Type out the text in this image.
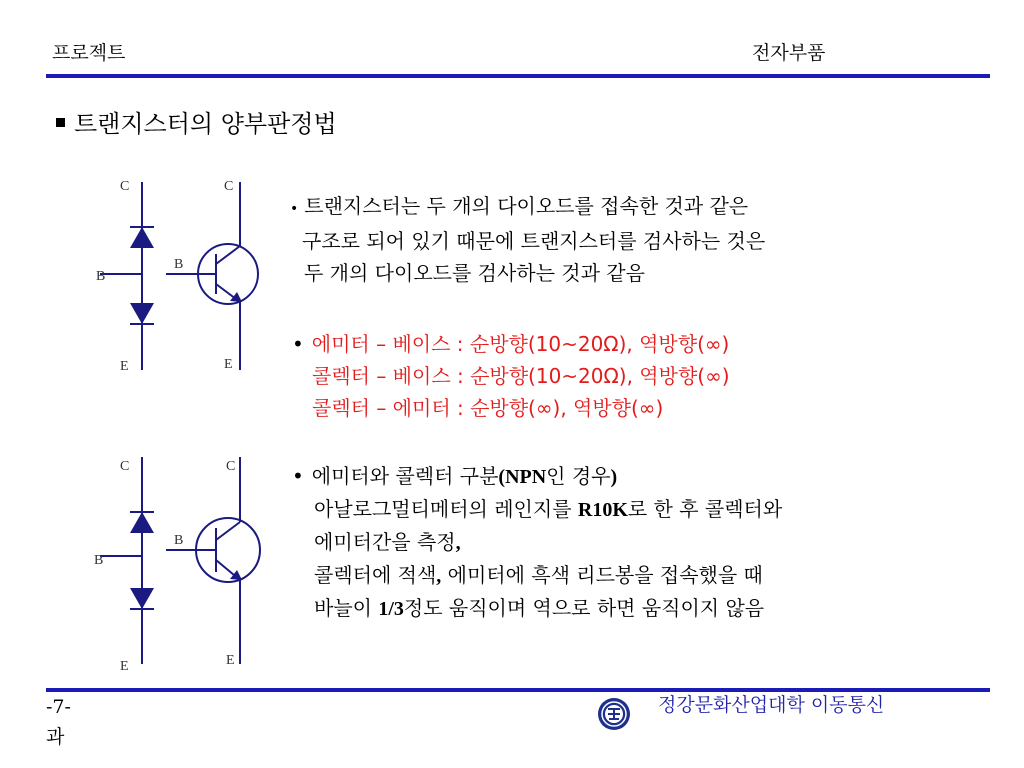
프로젝트	전자부품
트랜지스터의 양부판정법
C
B
E
C
B
E
C
B
E
C
B
E
• 트랜지스터는 두 개의 다이오드를 접속한 것과 같은
구조로 되어 있기 때문에 트랜지스터를 검사하는 것은
두 개의 다이오드를 검사하는 것과 같음
• 에미터 – 베이스 : 순방향(10~20Ω), 역방향(∞)
콜렉터 – 베이스 : 순방향(10~20Ω), 역방향(∞)
콜렉터 – 에미터 : 순방향(∞), 역방향(∞)
• 에미터와 콜렉터 구분(NPN인 경우)
아날로그멀티메터의 레인지를 R10K로 한 후 콜렉터와
에미터간을 측정,
콜렉터에 적색, 에미터에 흑색 리드봉을 접속했을 때
바늘이 1/3정도 움직이며 역으로 하면 움직이지 않음
-7-
과
정강문화산업대학 이동통신
